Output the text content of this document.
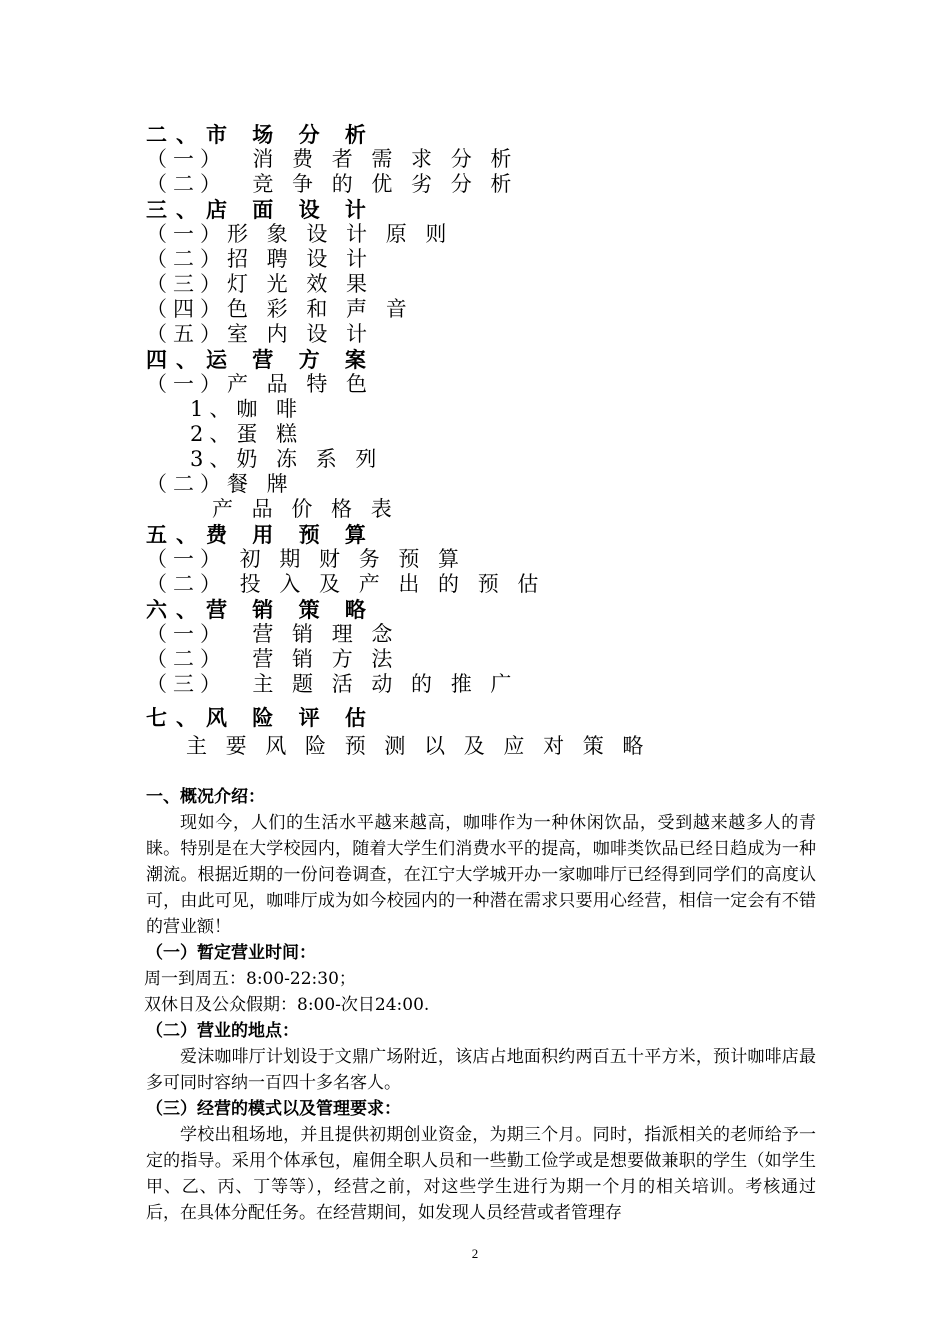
二、市 场 分 析
（一）  消 费 者 需 求 分 析
（二）  竞 争 的 优 劣 分 析
三、店 面 设 计
（一）形 象 设 计 原 则
（二）招 聘 设 计
（三）灯 光 效 果
（四）色 彩 和 声 音
（五）室 内 设 计
四、运 营 方 案
（一）产 品 特 色
1、咖 啡
2、蛋 糕
3、奶 冻 系 列
（二）餐 牌
产 品 价 格 表
五、费 用 预 算
（一） 初 期 财 务 预 算
（二） 投 入 及 产 出 的 预 估
六、营 销 策 略
（一）  营 销 理 念
（二）  营 销 方 法
（三）  主 题 活 动 的 推 广
七、风 险 评 估
主 要 风 险 预 测 以 及 应 对 策 略
一、概况介绍：

现如今，人们的生活水平越来越高，咖啡作为一种休闲饮品，受到越来越多人的青睐。特别是在大学校园内，随着大学生们消费水平的提高，咖啡类饮品已经日趋成为一种潮流。根据近期的一份问卷调查，在江宁大学城开办一家咖啡厅已经得到同学们的高度认可，由此可见，咖啡厅成为如今校园内的一种潜在需求只要用心经营，相信一定会有不错的营业额！

（一）暂定营业时间：

周一到周五：8:00-22:30；

双休日及公众假期：8:00-次日24:00.

（二）营业的地点：

爱沫咖啡厅计划设于文鼎广场附近，该店占地面积约两百五十平方米，预计咖啡店最多可同时容纳一百四十多名客人。

（三）经营的模式以及管理要求：

学校出租场地，并且提供初期创业资金，为期三个月。同时，指派相关的老师给予一定的指导。采用个体承包，雇佣全职人员和一些勤工俭学或是想要做兼职的学生（如学生甲、乙、丙、丁等等），经营之前，对这些学生进行为期一个月的相关培训。考核通过后，在具体分配任务。在经营期间，如发现人员经营或者管理存

2
